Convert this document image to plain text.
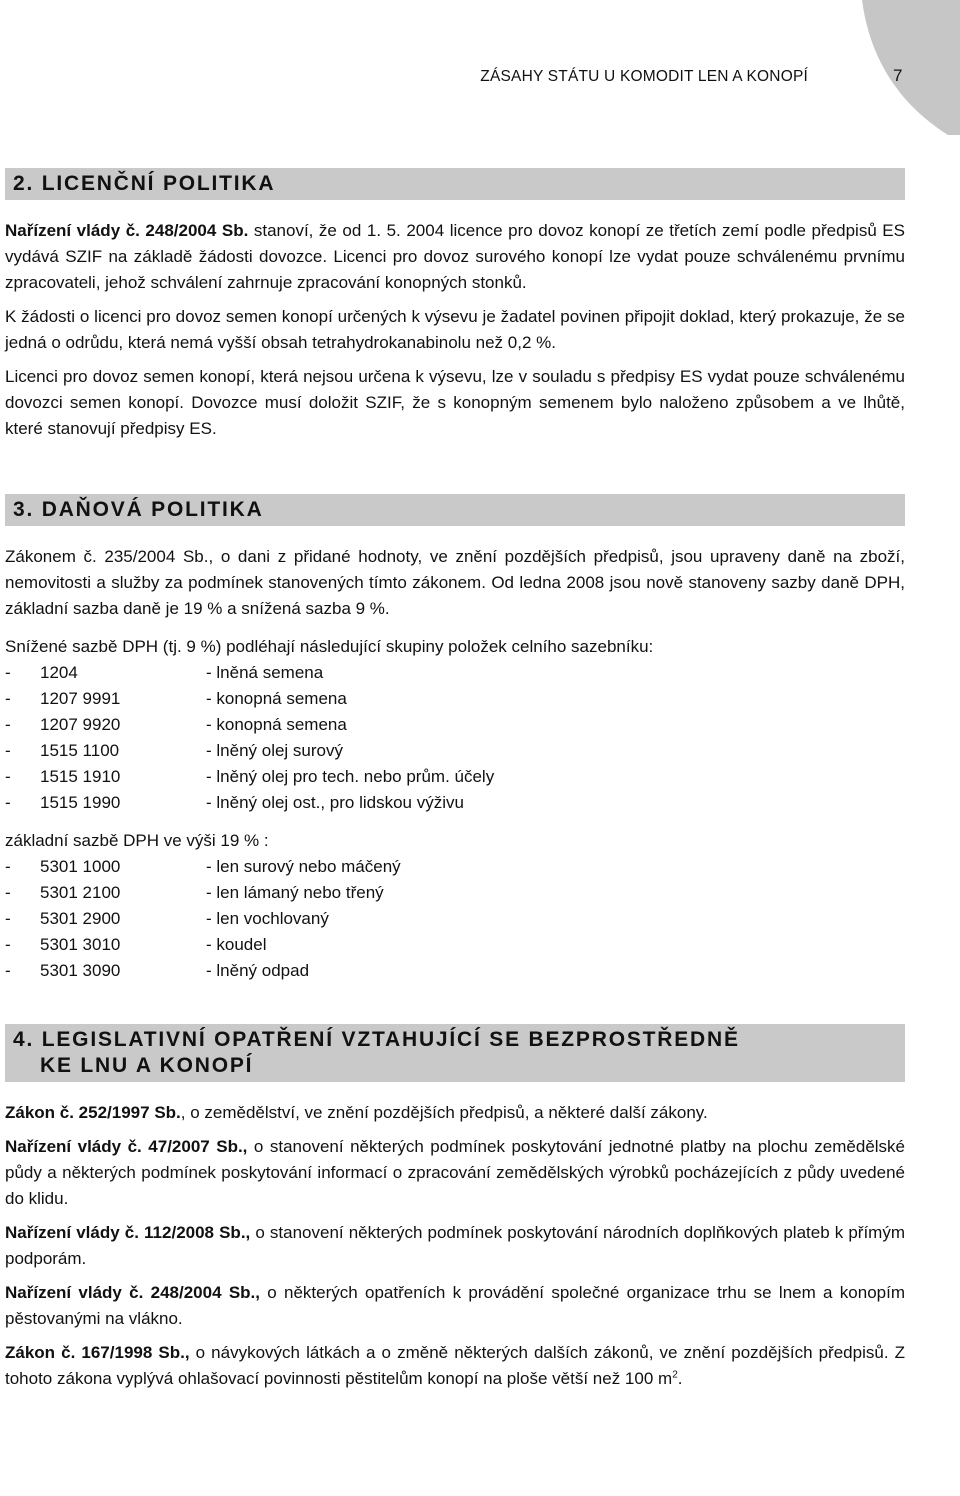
ZÁSAHY STÁTU U KOMODIT LEN A KONOPÍ	7
2. LICENČNÍ POLITIKA

Nařízení vlády č. 248/2004 Sb. stanoví, že od 1. 5. 2004 licence pro dovoz konopí ze třetích zemí podle předpisů ES vydává SZIF na základě žádosti dovozce. Licenci pro dovoz surového konopí lze vydat pouze schválenému prvnímu zpracovateli, jehož schválení zahrnuje zpracování konopných stonků.

K žádosti o licenci pro dovoz semen konopí určených k výsevu je žadatel povinen připojit doklad, který prokazuje, že se jedná o odrůdu, která nemá vyšší obsah tetrahydrokanabinolu než 0,2 %.

Licenci pro dovoz semen konopí, která nejsou určena k výsevu, lze v souladu s předpisy ES vydat pouze schválenému dovozci semen konopí. Dovozce musí doložit SZIF, že s konopným semenem bylo naloženo způsobem a ve lhůtě, které stanovují předpisy ES.

3. DAŇOVÁ POLITIKA

Zákonem č. 235/2004 Sb., o dani z přidané hodnoty, ve znění pozdějších předpisů, jsou upraveny daně na zboží, nemovitosti a služby za podmínek stanovených tímto zákonem. Od ledna 2008 jsou nově stanoveny sazby daně DPH, základní sazba daně je 19 % a snížená sazba 9 %.

Snížené sazbě DPH (tj. 9 %) podléhají následující skupiny položek celního sazebníku:

-	1204	- lněná semena
-	1207 9991	- konopná semena
-	1207 9920	- konopná semena
-	1515 1100	- lněný olej surový
-	1515 1910	- lněný olej pro tech. nebo prům. účely
-	1515 1990	- lněný olej ost., pro lidskou výživu

základní sazbě DPH ve výši 19 % :

-	5301 1000	- len surový nebo máčený
-	5301 2100	- len lámaný nebo třený
-	5301 2900	- len vochlovaný
-	5301 3010	- koudel
-	5301 3090	- lněný odpad
4. LEGISLATIVNÍ OPATŘENÍ VZTAHUJÍCÍ SE BEZPROSTŘEDNĚ
KE LNU A KONOPÍ

Zákon č. 252/1997 Sb., o zemědělství, ve znění pozdějších předpisů, a některé další zákony.

Nařízení vlády č. 47/2007 Sb., o stanovení některých podmínek poskytování jednotné platby na plochu zemědělské půdy a některých podmínek poskytování informací o zpracování zemědělských výrobků pocházejících z půdy uvedené do klidu.

Nařízení vlády č. 112/2008 Sb., o stanovení některých podmínek poskytování národních doplňkových plateb k přímým podporám.

Nařízení vlády č. 248/2004 Sb., o některých opatřeních k provádění společné organizace trhu se lnem a konopím pěstovanými na vlákno.

Zákon č. 167/1998 Sb., o návykových látkách a o změně některých dalších zákonů, ve znění pozdějších předpisů. Z tohoto zákona vyplývá ohlašovací povinnosti pěstitelům konopí na ploše větší než 100 $m^2$.
